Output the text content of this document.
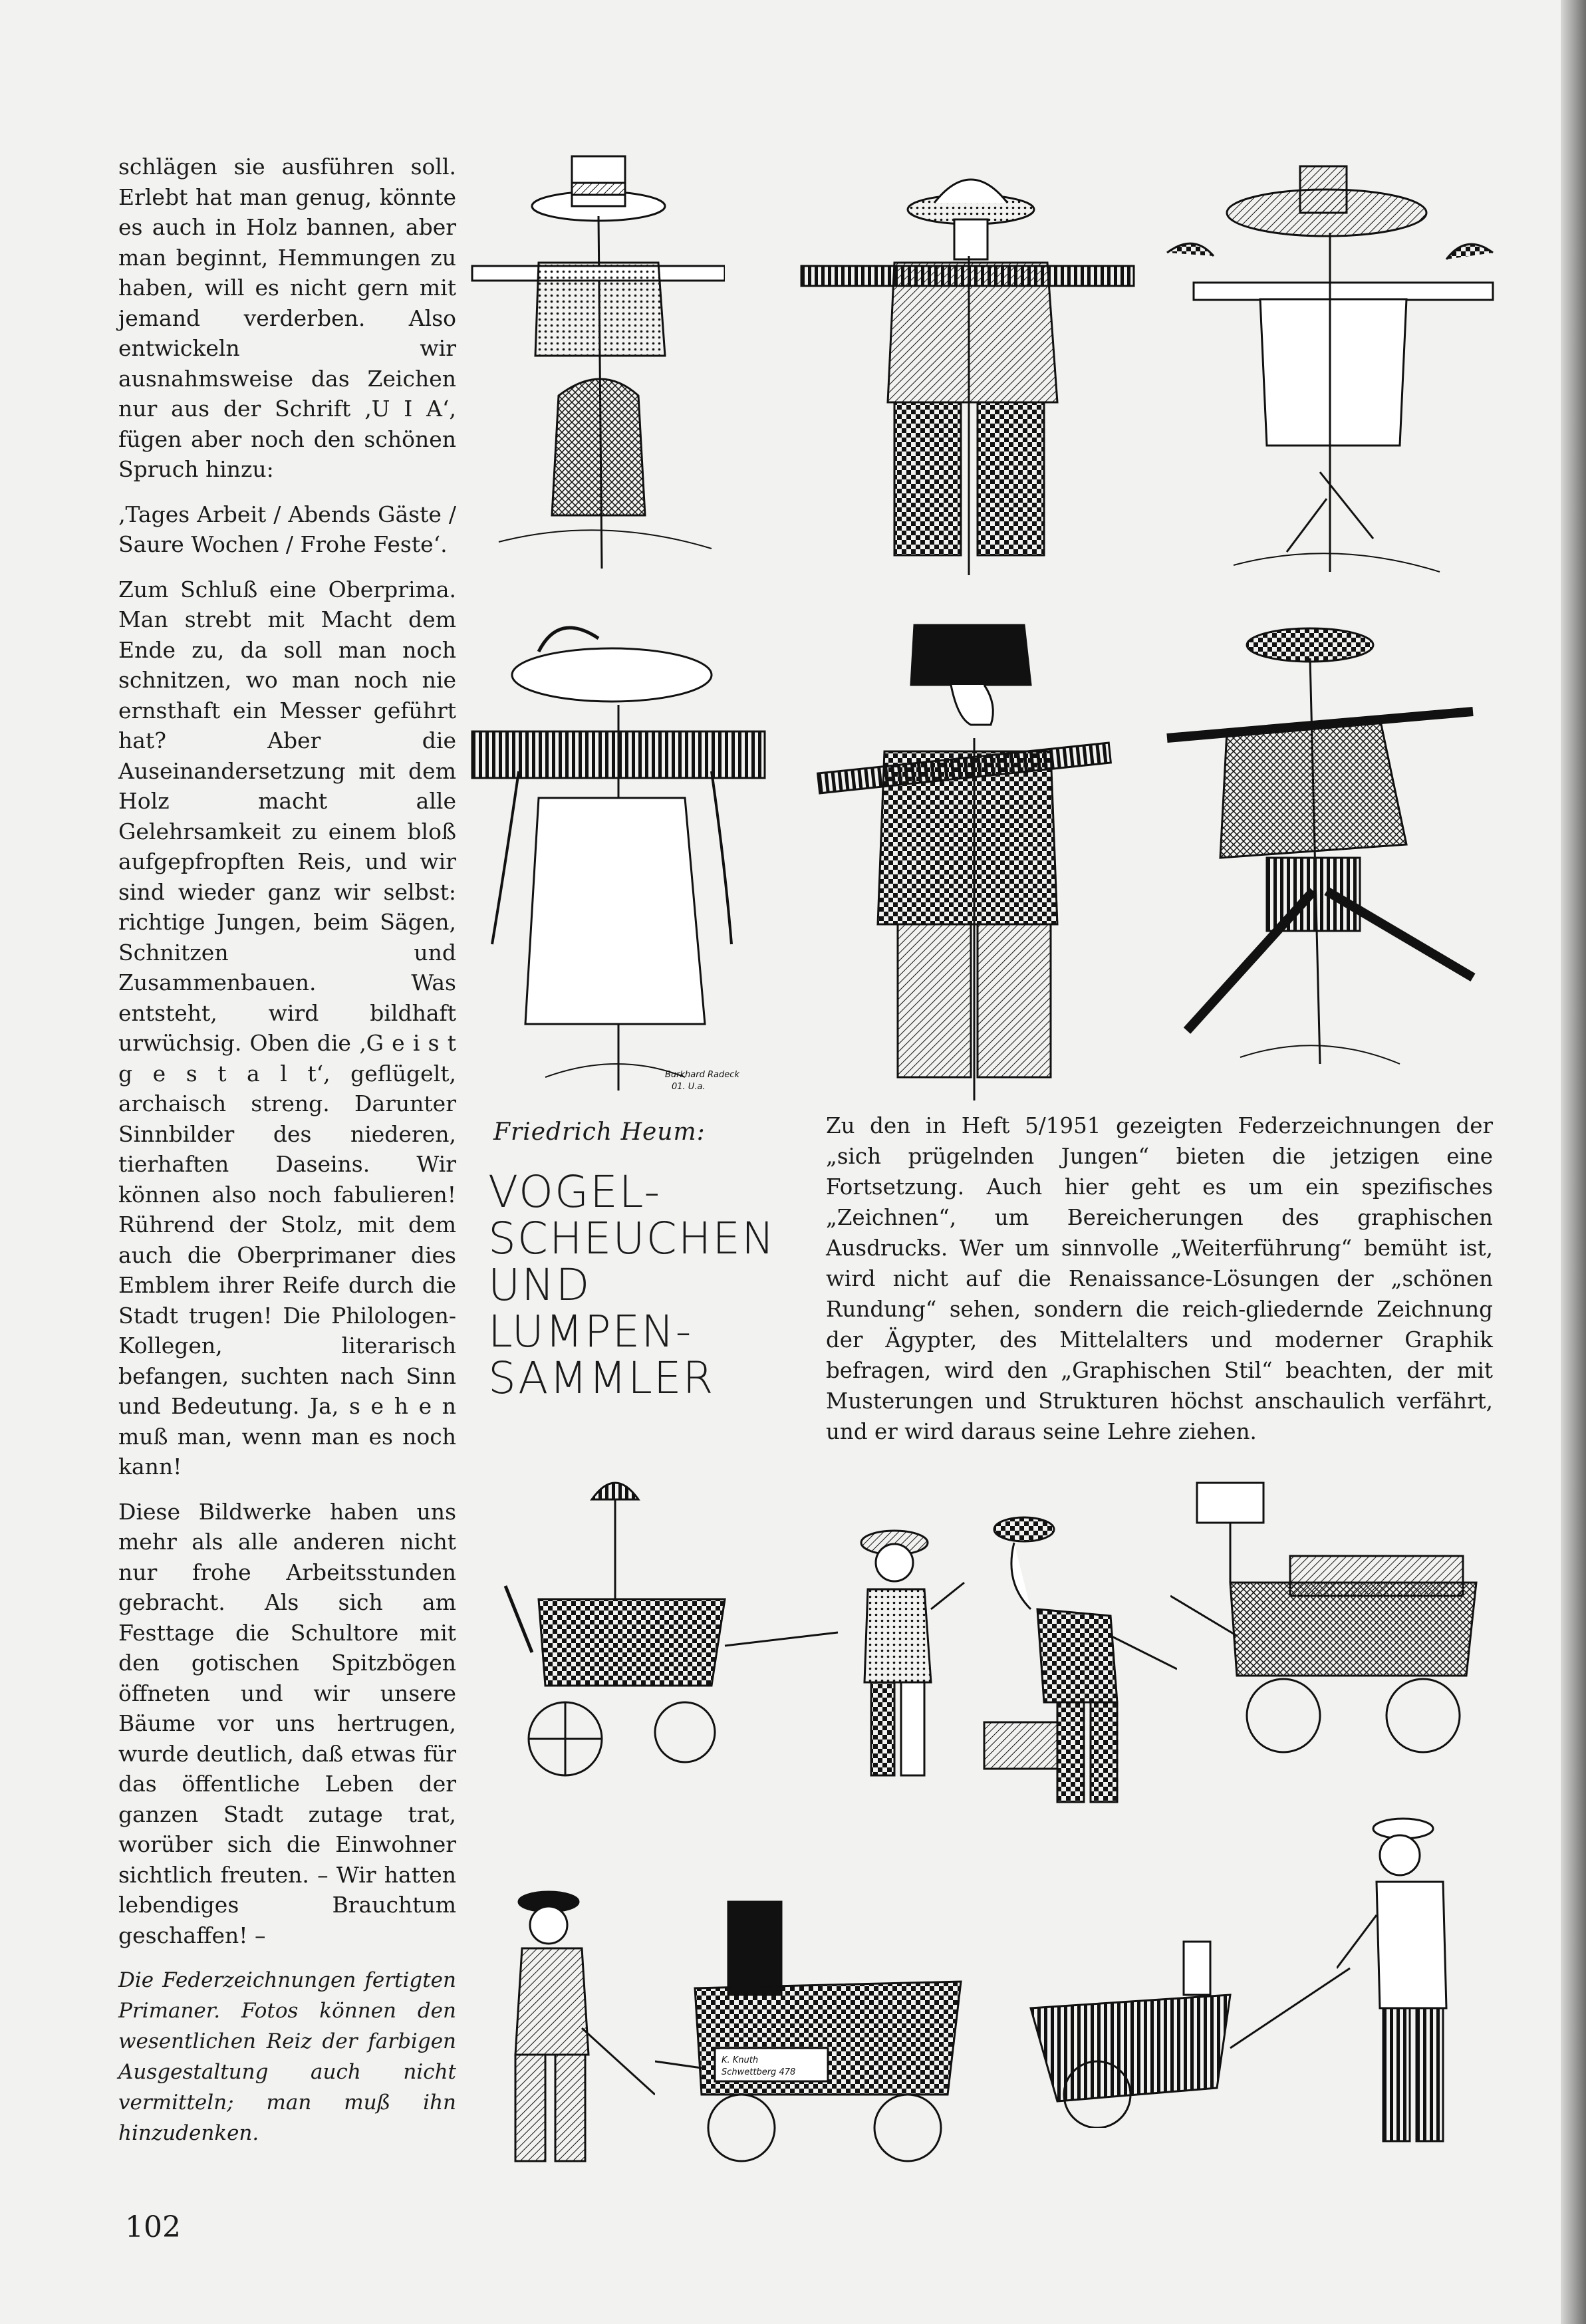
schlägen sie ausführen soll. Erlebt hat man genug, könnte es auch in Holz bannen, aber man beginnt, Hemmungen zu haben, will es nicht gern mit jemand verderben. Also entwickeln wir ausnahmsweise das Zeichen nur aus der Schrift ‚U I A‘, fügen aber noch den schönen Spruch hinzu:

‚Tages Arbeit / Abends Gäste / Saure Wochen / Frohe Feste‘.

Zum Schluß eine Oberprima. Man strebt mit Macht dem Ende zu, da soll man noch schnitzen, wo man noch nie ernsthaft ein Messer geführt hat? Aber die Auseinandersetzung mit dem Holz macht alle Gelehrsamkeit zu einem bloß aufgepfropften Reis, und wir sind wieder ganz wir selbst: richtige Jungen, beim Sägen, Schnitzen und Zusammenbauen. Was entsteht, wird bildhaft urwüchsig. Oben die ‚G e i s t g e s t a l t‘, geflügelt, archaisch streng. Darunter Sinnbilder des niederen, tierhaften Daseins. Wir können also noch fabulieren! Rührend der Stolz, mit dem auch die Oberprimaner dies Emblem ihrer Reife durch die Stadt trugen! Die Philologen-Kollegen, literarisch befangen, suchten nach Sinn und Bedeutung. Ja, s e h e n muß man, wenn man es noch kann!

Diese Bildwerke haben uns mehr als alle anderen nicht nur frohe Arbeitsstunden gebracht. Als sich am Festtage die Schultore mit den gotischen Spitzbögen öffneten und wir unsere Bäume vor uns hertrugen, wurde deutlich, daß etwas für das öffentliche Leben der ganzen Stadt zutage trat, worüber sich die Einwohner sichtlich freuten. – Wir hatten lebendiges Brauchtum geschaffen! –

Die Federzeichnungen fertigten Primaner. Fotos können den wesentlichen Reiz der farbigen Ausgestaltung auch nicht vermitteln; man muß ihn hinzudenken.

Friedrich Heum:
VOGEL-
SCHEUCHEN
UND
LUMPEN-
SAMMLER
Zu den in Heft 5/1951 gezeigten Federzeichnungen der „sich prügelnden Jungen“ bieten die jetzigen eine Fortsetzung. Auch hier geht es um ein spezifisches „Zeichnen“, um Bereicherungen des graphischen Ausdrucks. Wer um sinnvolle „Weiterführung“ bemüht ist, wird nicht auf die Renaissance-Lösungen der „schönen Rundung“ sehen, sondern die reich-gliedernde Zeichnung der Ägypter, des Mittelalters und moderner Graphik befragen, wird den „Graphischen Stil“ beachten, der mit Musterungen und Strukturen höchst anschaulich verfährt, und er wird daraus seine Lehre ziehen.
102
Burkhard Radeck
01. U.a.
K. Knuth
Schwettberg 478
